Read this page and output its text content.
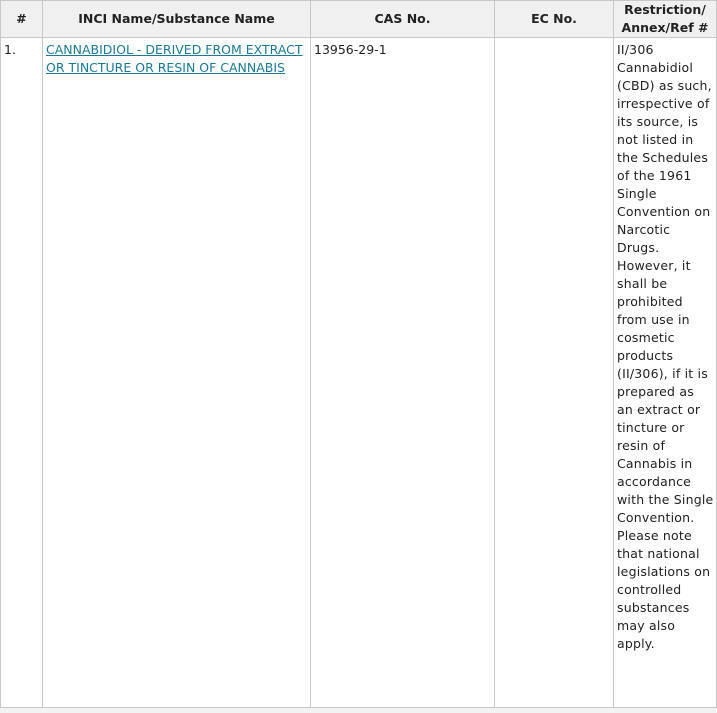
#	INCI Name/Substance Name	CAS No.	EC No.	Restriction/ Annex/Ref #
1.	CANNABIDIOL - DERIVED FROM EXTRACT OR TINCTURE OR RESIN OF CANNABIS	13956-29-1		II/306 Cannabidiol (CBD) as such, irrespective of its source, is not listed in the Schedules of the 1961 Single Convention on Narcotic Drugs. However, it shall be prohibited from use in cosmetic products (II/306), if it is prepared as an extract or tincture or resin of Cannabis in accordance with the Single Convention. Please note that national legislations on controlled substances may also apply.
